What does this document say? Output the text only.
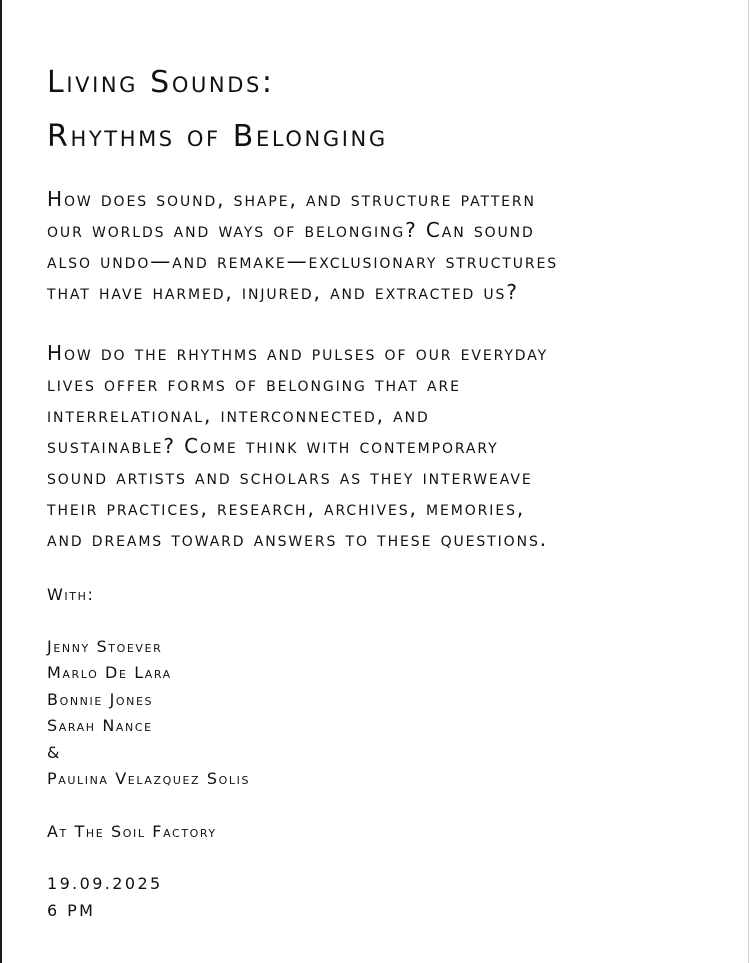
Living Sounds:
Rhythms of Belonging

How does sound, shape, and structure pattern
our worlds and ways of belonging? Can sound
also undo—and remake—exclusionary structures
that have harmed, injured, and extracted us?

How do the rhythms and pulses of our everyday
lives offer forms of belonging that are
interrelational, interconnected, and
sustainable? Come think with contemporary
sound artists and scholars as they interweave
their practices, research, archives, memories,
and dreams toward answers to these questions.

With:
Jenny Stoever
Marlo De Lara
Bonnie Jones
Sarah Nance
&
Paulina Velazquez Solis
At The Soil Factory
19.09.2025
6 PM
